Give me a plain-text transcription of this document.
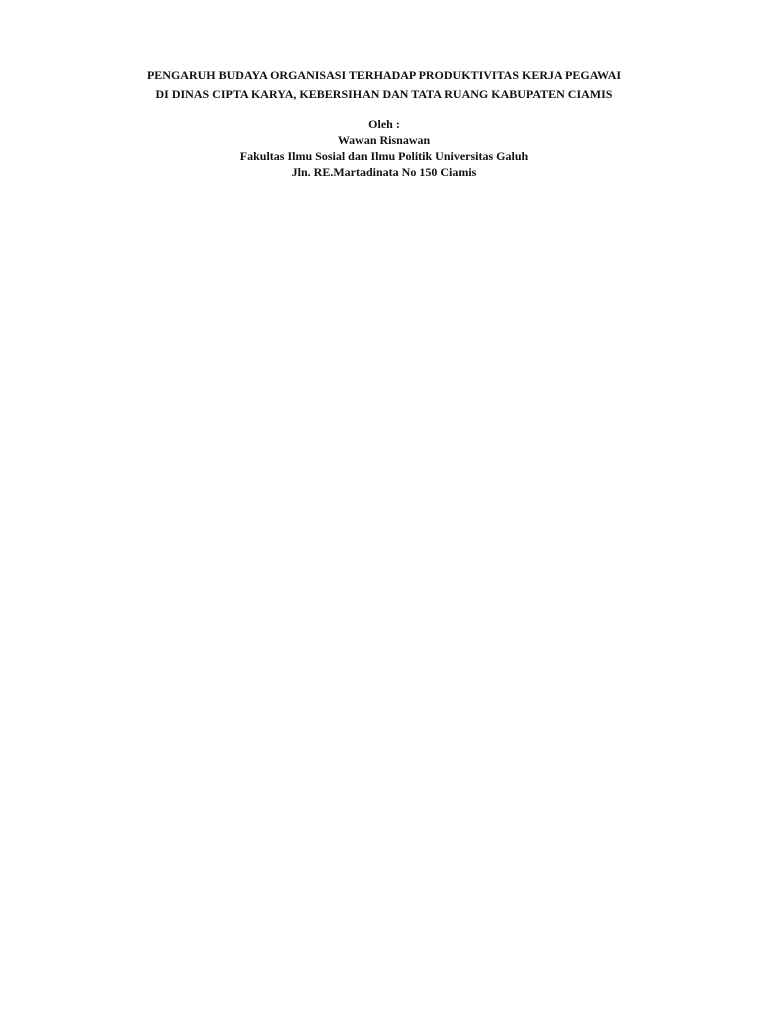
PENGARUH BUDAYA ORGANISASI TERHADAP PRODUKTIVITAS KERJA PEGAWAI
DI DINAS CIPTA KARYA, KEBERSIHAN DAN TATA RUANG KABUPATEN CIAMIS
Oleh :
Wawan Risnawan
Fakultas Ilmu Sosial dan Ilmu Politik Universitas Galuh
Jln. RE.Martadinata No 150 Ciamis
